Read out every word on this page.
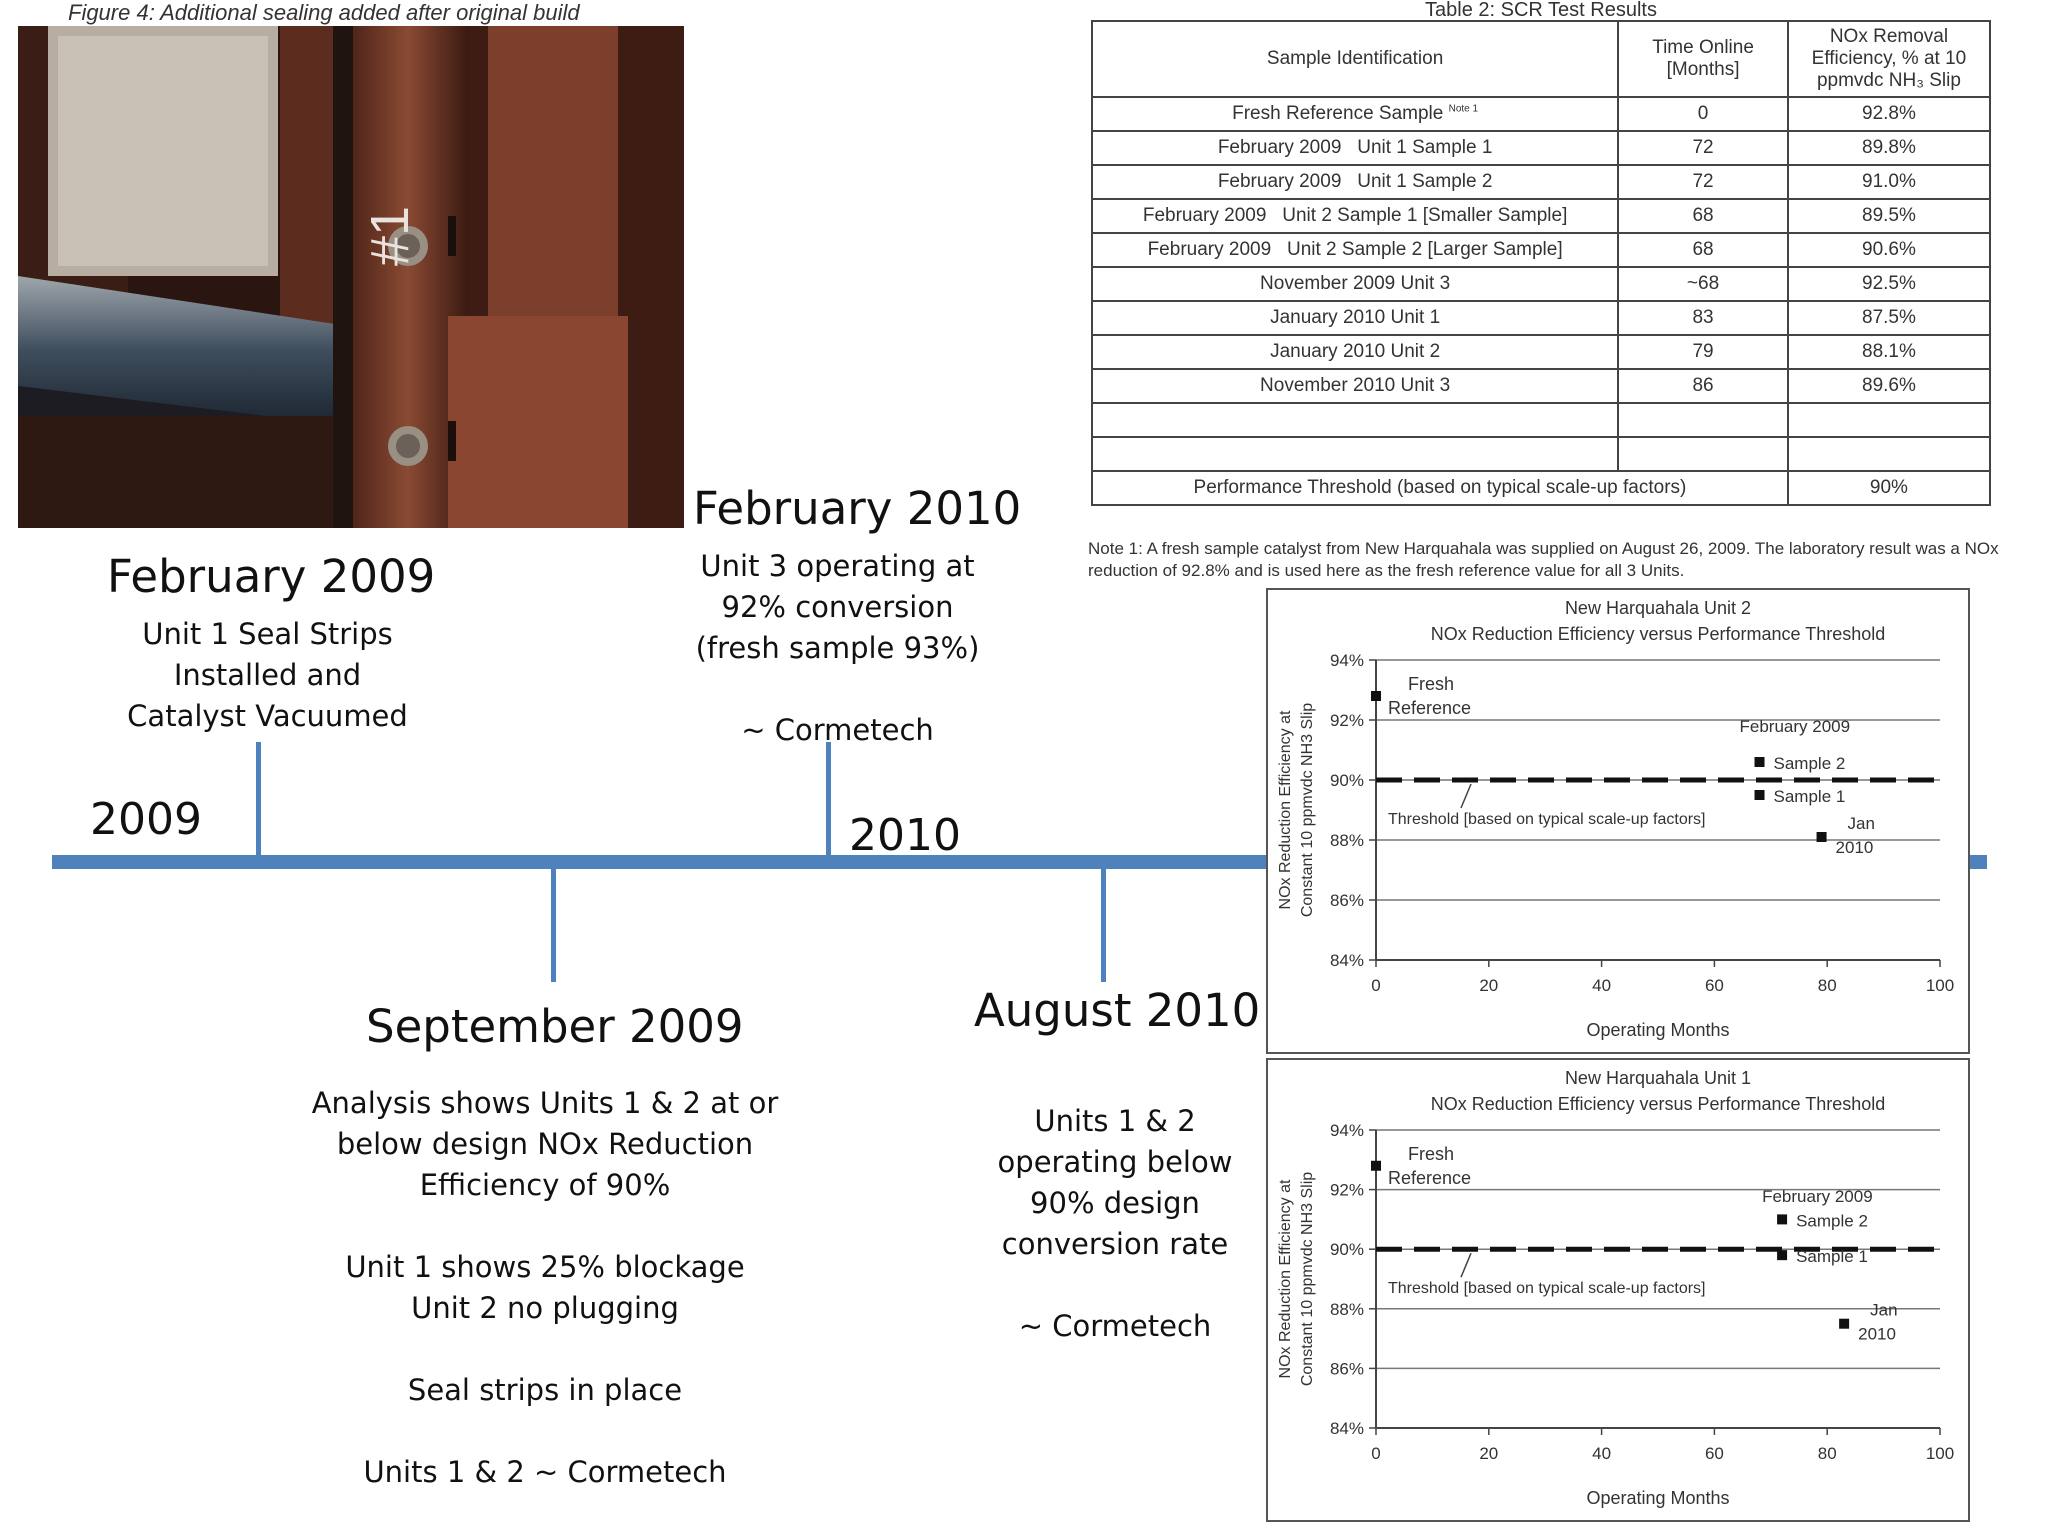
Figure 4: Additional sealing added after original build
#1
2009	2010
February 2009
Unit 1 Seal Strips
Installed and
Catalyst Vacuumed
February 2010
Unit 3 operating at
92% conversion
(fresh sample 93%)

~ Cormetech
September 2009
Analysis shows Units 1 & 2 at or
below design NOx Reduction
Efficiency of 90%

Unit 1 shows 25% blockage
Unit 2 no plugging

Seal strips in place

Units 1 & 2 ~ Cormetech
August 2010
Units 1 & 2
operating below
90% design
conversion rate

~ Cormetech
Table 2: SCR Test Results
Sample Identification	Time Online [Months]	NOx Removal Efficiency, % at 10 ppmvdc NH₃ Slip
Fresh Reference Sample $^{Note 1}$	0	92.8%
February 2009   Unit 1 Sample 1	72	89.8%
February 2009   Unit 1 Sample 2	72	91.0%
February 2009   Unit 2 Sample 1 [Smaller Sample]	68	89.5%
February 2009   Unit 2 Sample 2 [Larger Sample]	68	90.6%
November 2009 Unit 3	~68	92.5%
January 2010 Unit 1	83	87.5%
January 2010 Unit 2	79	88.1%
November 2010 Unit 3	86	89.6%

Performance Threshold (based on typical scale-up factors)		90%
Note 1: A fresh sample catalyst from New Harquahala was supplied on August 26, 2009. The laboratory result was a NOx reduction of 92.8% and is used here as the fresh reference value for all 3 Units.
New Harquahala Unit 2
NOx Reduction Efficiency versus Performance Threshold
84%
86%
88%
90%
92%
94%
0	20	40	60	80	100
Operating Months
NOx Reduction Efficiency at Constant 10 ppmvdc NH3 Slip	Threshold [based on typical scale-up factors]
Fresh
Reference
Sample 2
Sample 1
Jan
2010
February 2009
New Harquahala Unit 1
NOx Reduction Efficiency versus Performance Threshold
84%
86%
88%
90%
92%
94%
0	20	40	60	80	100
Operating Months
NOx Reduction Efficiency at Constant 10 ppmvdc NH3 Slip	Threshold [based on typical scale-up factors]
Fresh
Reference
Sample 2
Sample 1
Jan
2010
February 2009
